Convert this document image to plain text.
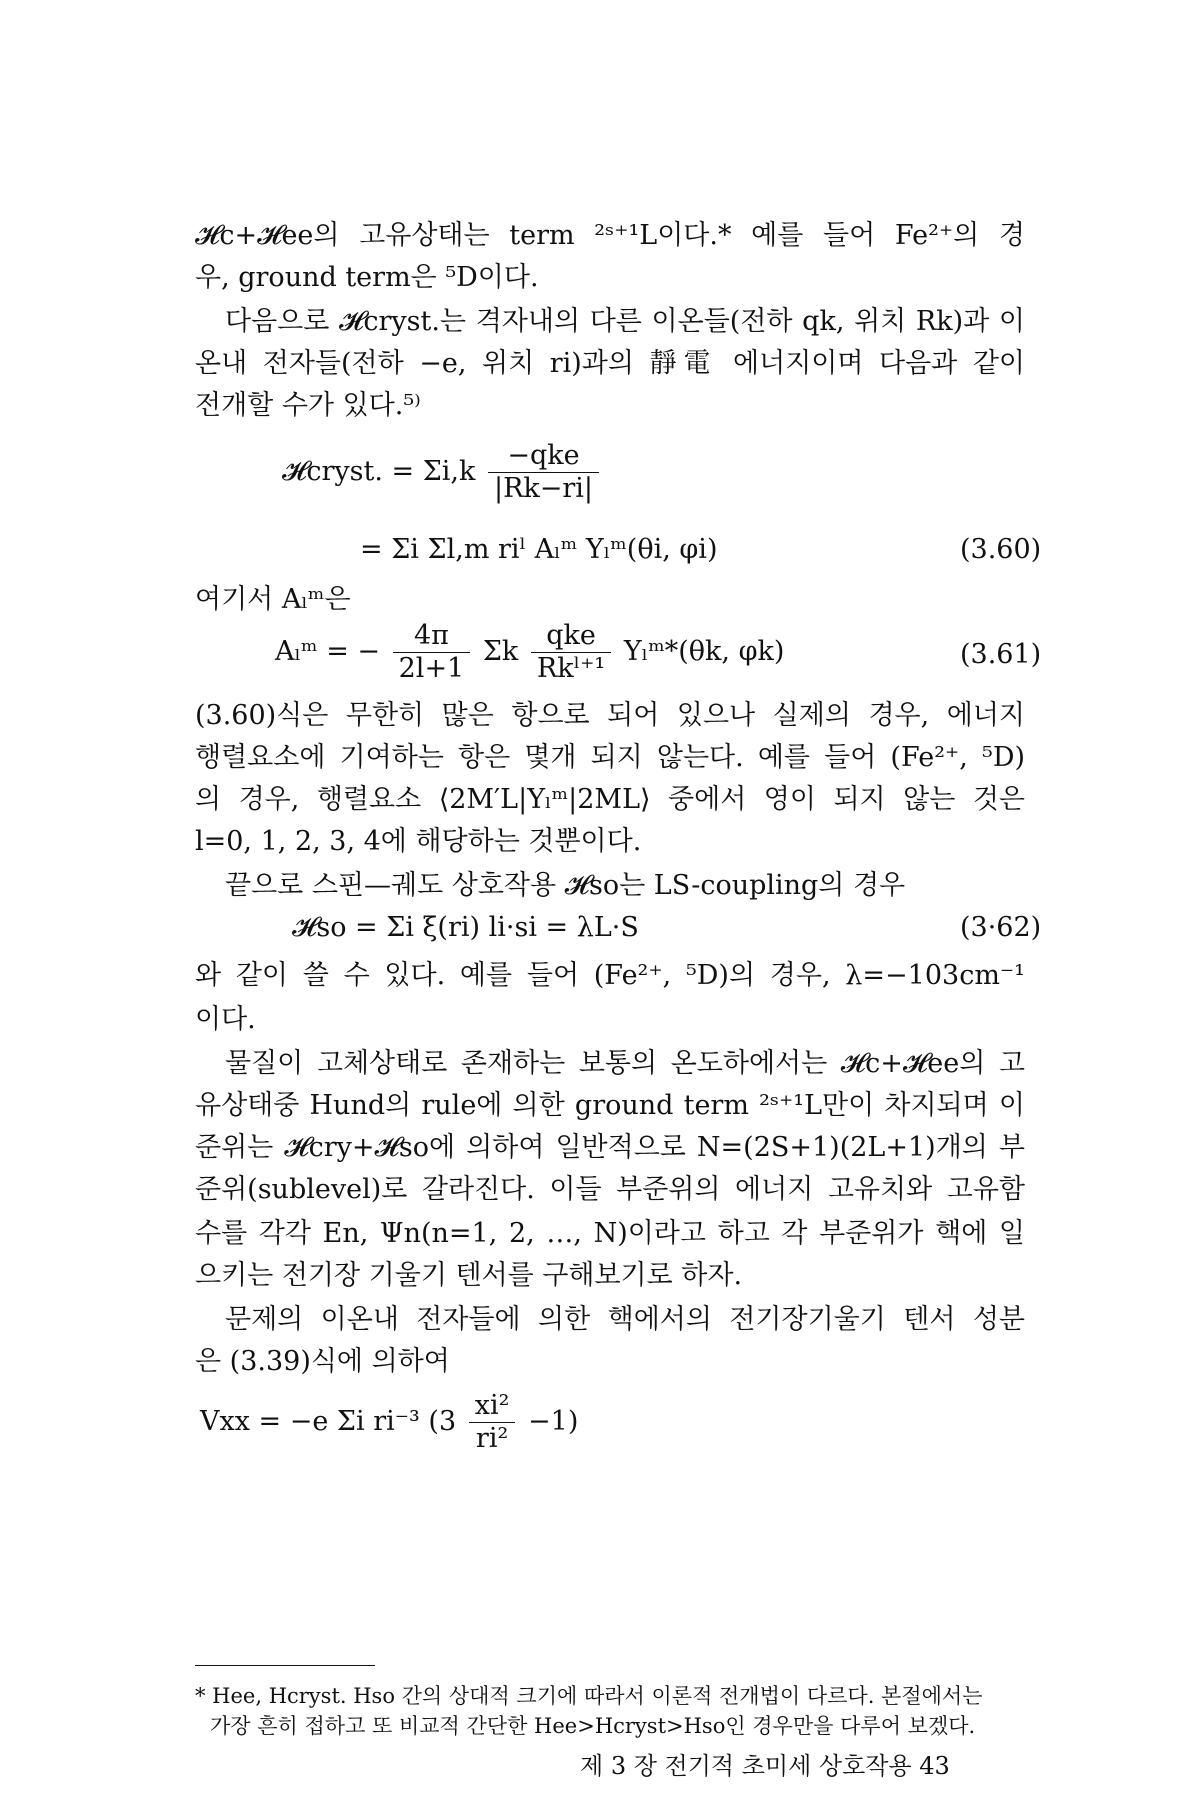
𝓗c+𝓗ee의 고유상태는 term ²ˢ⁺¹L이다.* 예를 들어 Fe²⁺의 경
우, ground term은 ⁵D이다.
다음으로 𝓗cryst.는 격자내의 다른 이온들(전하 qk, 위치 Rk)과 이
온내 전자들(전하 −e, 위치 ri)과의 靜電 에너지이며 다음과 같이
전개할 수가 있다.⁵⁾
𝓗cryst. = $\Sigma i,k \frac{\text{−qke}}{|Rk-ri|}$
= Σi Σl,m riˡ Aₗᵐ Yₗᵐ(θi, φi)	(3.60)
여기서 Aₗᵐ은
Aₗᵐ = − $\frac{4\pi}{2l+1}$ Σk $\frac{\text{qke}}{\text{Rkˡ⁺¹}}$ Yₗᵐ*(θk, φk)	(3.61)
(3.60)식은 무한히 많은 항으로 되어 있으나 실제의 경우, 에너지
행렬요소에 기여하는 항은 몇개 되지 않는다. 예를 들어 (Fe²⁺, ⁵D)
의 경우, 행렬요소 ⟨2M′L|Yₗᵐ|2ML⟩ 중에서 영이 되지 않는 것은
l=0, 1, 2, 3, 4에 해당하는 것뿐이다.
끝으로 스핀—궤도 상호작용 𝓗so는 LS-coupling의 경우
𝓗so = Σi ξ(ri) li·si = λL·S	(3·62)
와 같이 쓸 수 있다. 예를 들어 (Fe²⁺, ⁵D)의 경우, λ=−103cm⁻¹
이다.
물질이 고체상태로 존재하는 보통의 온도하에서는 𝓗c+𝓗ee의 고
유상태중 Hund의 rule에 의한 ground term ²ˢ⁺¹L만이 차지되며 이
준위는 𝓗cry+𝓗so에 의하여 일반적으로 N=(2S+1)(2L+1)개의 부
준위(sublevel)로 갈라진다. 이들 부준위의 에너지 고유치와 고유함
수를 각각 En, Ψn(n=1, 2, …, N)이라고 하고 각 부준위가 핵에 일
으키는 전기장 기울기 텐서를 구해보기로 하자.
문제의 이온내 전자들에 의한 핵에서의 전기장기울기 텐서 성분
은 (3.39)식에 의하여
Vxx = −e Σi ri⁻³ $(3 \frac{\text{xi²}}{\text{ri²}} -1)$
* Hee, Hcryst. Hso 간의 상대적 크기에 따라서 이론적 전개법이 다르다. 본절에서는
가장 흔히 접하고 또 비교적 간단한 Hee>Hcryst>Hso인 경우만을 다루어 보겠다.
제 3 장 전기적 초미세 상호작용 43
